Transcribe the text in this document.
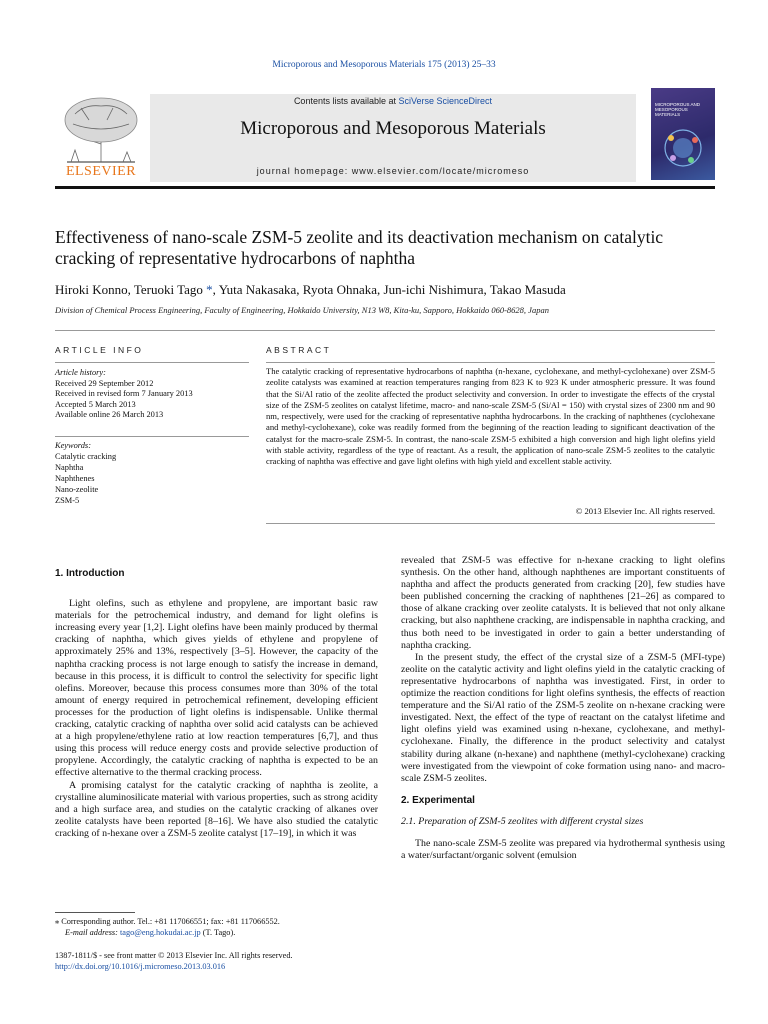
Microporous and Mesoporous Materials 175 (2013) 25–33
ELSEVIER
Contents lists available at SciVerse ScienceDirect
Microporous and Mesoporous Materials
journal homepage: www.elsevier.com/locate/micromeso
MICROPOROUS AND MESOPOROUS MATERIALS
Effectiveness of nano-scale ZSM-5 zeolite and its deactivation mechanism on catalytic cracking of representative hydrocarbons of naphtha
Hiroki Konno, Teruoki Tago *, Yuta Nakasaka, Ryota Ohnaka, Jun-ichi Nishimura, Takao Masuda
Division of Chemical Process Engineering, Faculty of Engineering, Hokkaido University, N13 W8, Kita-ku, Sapporo, Hokkaido 060-8628, Japan
ARTICLE INFO	ABSTRACT
Article history:
Received 29 September 2012
Received in revised form 7 January 2013
Accepted 5 March 2013
Available online 26 March 2013
Keywords:
Catalytic cracking
Naphtha
Naphthenes
Nano-zeolite
ZSM-5
The catalytic cracking of representative hydrocarbons of naphtha (n-hexane, cyclohexane, and methyl-cyclohexane) over ZSM-5 zeolite catalysts was examined at reaction temperatures ranging from 823 K to 923 K under atmospheric pressure. It was found that the Si/Al ratio of the zeolite affected the product selectivity and conversion. In order to investigate the effects of the crystal size of the ZSM-5 zeolites on catalyst lifetime, macro- and nano-scale ZSM-5 (Si/Al = 150) with crystal sizes of 2300 nm and 90 nm, respectively, were used for the cracking of representative naphtha hydrocarbons. In the cracking of naphthenes (cyclohexane and methyl-cyclohexane), coke was readily formed from the beginning of the reaction leading to significant deactivation of the catalyst for the macro-scale ZSM-5. In contrast, the nano-scale ZSM-5 exhibited a high conversion and high light olefins yield with stable activity, regardless of the type of reactant. As a result, the application of nano-scale ZSM-5 zeolites to the catalytic cracking of naphtha was effective and gave light olefins with high yield and excellent stable activity.
© 2013 Elsevier Inc. All rights reserved.
1. Introduction

Light olefins, such as ethylene and propylene, are important basic raw materials for the petrochemical industry, and demand for light olefins is increasing every year [1,2]. Light olefins have been mainly produced by thermal cracking of naphtha, which gives yields of ethylene and propylene of approximately 25% and 13%, respectively [3–5]. However, the capacity of the naphtha cracking process is not large enough to satisfy the increase in demand, because in this process, it is difficult to control the selectivity for specific light olefins. Moreover, because this process consumes more than 30% of the total amount of energy required in petrochemical refinement, developing efficient processes for the production of light olefins is indispensable. Unlike thermal cracking, catalytic cracking of naphtha over solid acid catalysts can be achieved at a high propylene/ethylene ratio at low reaction temperatures [6,7], and thus using this process will reduce energy costs and provide selective production of propylene. Accordingly, the catalytic cracking of naphtha is expected to be an effective alternative to the thermal cracking process.

A promising catalyst for the catalytic cracking of naphtha is zeolite, a crystalline aluminosilicate material with various properties, such as strong acidity and a high surface area, and studies on the catalytic cracking of alkanes over zeolite catalysts have been reported [8–16]. We have also studied the catalytic cracking of n-hexane over a ZSM-5 zeolite catalyst [17–19], in which it was

revealed that ZSM-5 was effective for n-hexane cracking to light olefins synthesis. On the other hand, although naphthenes are important constituents of naphtha and affect the products generated from cracking [20], few studies have been published concerning the cracking of naphthenes [21–26] as compared to those of alkane cracking over zeolite catalysts. It is believed that not only alkane cracking, but also naphthene cracking, are indispensable in naphtha cracking, and thus both need to be investigated in order to gain a better understanding of naphtha cracking.

In the present study, the effect of the crystal size of a ZSM-5 (MFI-type) zeolite on the catalytic activity and light olefins yield in the catalytic cracking of representative hydrocarbons of naphtha was investigated. First, in order to optimize the reaction conditions for light olefins synthesis, the effects of reaction temperature and the Si/Al ratio of the ZSM-5 zeolite on n-hexane cracking were investigated. Next, the effect of the type of reactant on the catalyst lifetime and light olefins yield was examined using n-hexane, cyclohexane, and methyl-cyclohexane. Finally, the difference in the product selectivity and catalyst stability during alkane (n-hexane) and naphthene (methyl-cyclohexane) cracking were investigated from the viewpoint of coke formation using nano- and macro-scale ZSM-5 zeolites.

2. Experimental
2.1. Preparation of ZSM-5 zeolites with different crystal sizes

The nano-scale ZSM-5 zeolite was prepared via hydrothermal synthesis using a water/surfactant/organic solvent (emulsion

⁎ Corresponding author. Tel.: +81 117066551; fax: +81 117066552.
E-mail address: tago@eng.hokudai.ac.jp (T. Tago).
1387-1811/$ - see front matter © 2013 Elsevier Inc. All rights reserved.
http://dx.doi.org/10.1016/j.micromeso.2013.03.016
